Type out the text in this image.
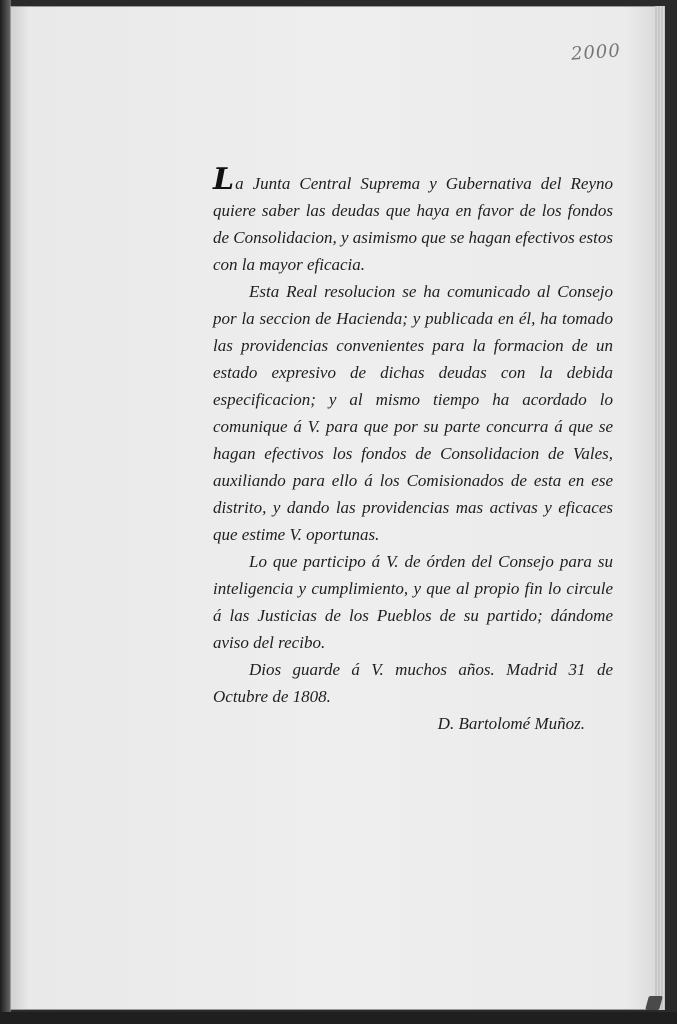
2000

La Junta Central Suprema y Gubernativa del Reyno quiere saber las deudas que haya en favor de los fondos de Consolidacion, y asimismo que se hagan efectivos estos con la mayor eficacia.

Esta Real resolucion se ha comunicado al Consejo por la seccion de Hacienda; y publicada en él, ha tomado las providencias convenientes para la formacion de un estado expresivo de dichas deudas con la debida especificacion; y al mismo tiempo ha acordado lo comunique á V. para que por su parte concurra á que se hagan efectivos los fondos de Consolidacion de Vales, auxiliando para ello á los Comisionados de esta en ese distrito, y dando las providencias mas activas y eficaces que estime V. oportunas.

Lo que participo á V. de órden del Consejo para su inteligencia y cumplimiento, y que al propio fin lo circule á las Justicias de los Pueblos de su partido; dándome aviso del recibo.

Dios guarde á V. muchos años. Madrid 31 de Octubre de 1808.

D. Bartolomé Muñoz.
